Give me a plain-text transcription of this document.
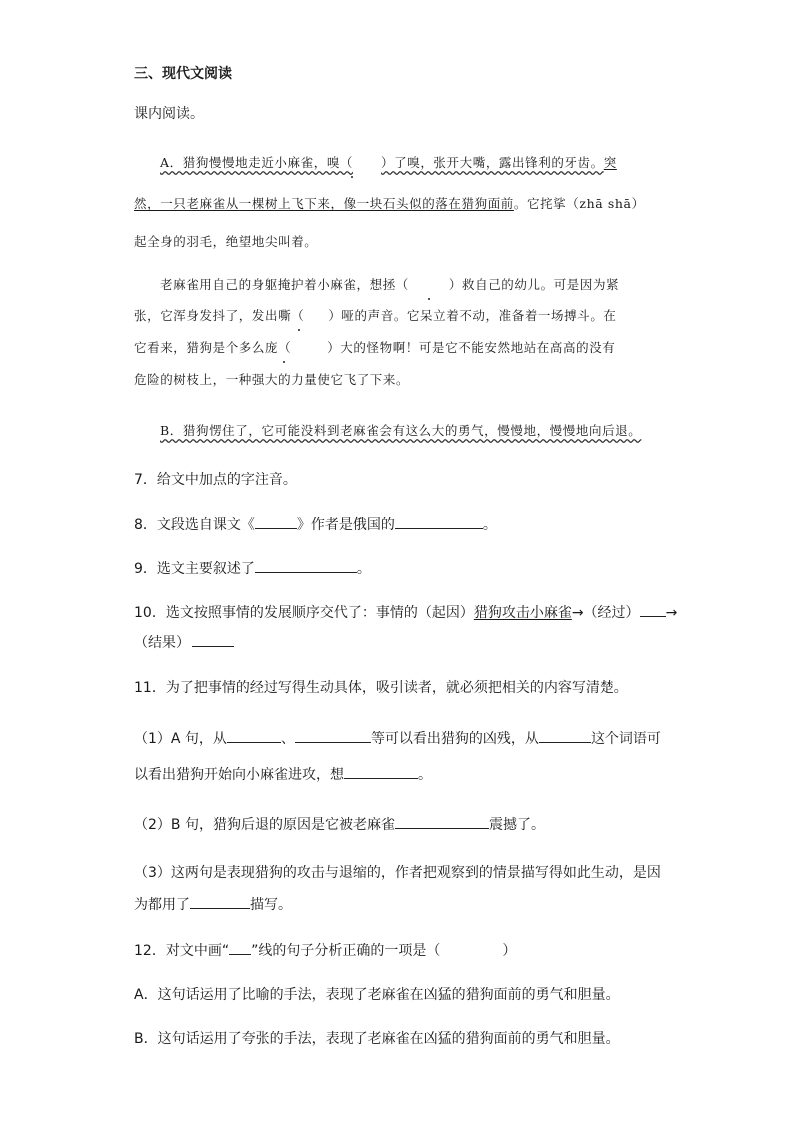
三、现代文阅读
课内阅读。
A．猎狗慢慢地走近小麻雀，嗅（ ）了嗅，张开大嘴，露出锋利的牙齿。突
然，一只老麻雀从一棵树上飞下来，像一块石头似的落在猎狗面前。它挓挲（zhā shā）
起全身的羽毛，绝望地尖叫着。
老麻雀用自己的身躯掩护着小麻雀，想拯（	）救自己的幼儿。可是因为紧
张，它浑身发抖了，发出嘶（ ）哑的声音。它呆立着不动，准备着一场搏斗。在
它看来，猎狗是个多么庞（	）大的怪物啊！可是它不能安然地站在高高的没有
危险的树枝上，一种强大的力量使它飞了下来。
B．猎狗愣住了，它可能没料到老麻雀会有这么大的勇气，慢慢地，慢慢地向后退。
7．给文中加点的字注音。
8．文段选自课文《	》作者是俄国的	。
9．选文主要叙述了	。
10．选文按照事情的发展顺序交代了：事情的（起因）猎狗攻击小麻雀→（经过） →
（结果）
11．为了把事情的经过写得生动具体，吸引读者，就必须把相关的内容写清楚。
（1）A 句，从	、	等可以看出猎狗的凶残，从	这个词语可
以看出猎狗开始向小麻雀进攻，想	。
（2）B 句，猎狗后退的原因是它被老麻雀	震撼了。
（3）这两句是表现猎狗的攻击与退缩的，作者把观察到的情景描写得如此生动，是因
为都用了	描写。
12．对文中画“ ”线的句子分析正确的一项是（	）
A．这句话运用了比喻的手法，表现了老麻雀在凶猛的猎狗面前的勇气和胆量。
B．这句话运用了夸张的手法，表现了老麻雀在凶猛的猎狗面前的勇气和胆量。
